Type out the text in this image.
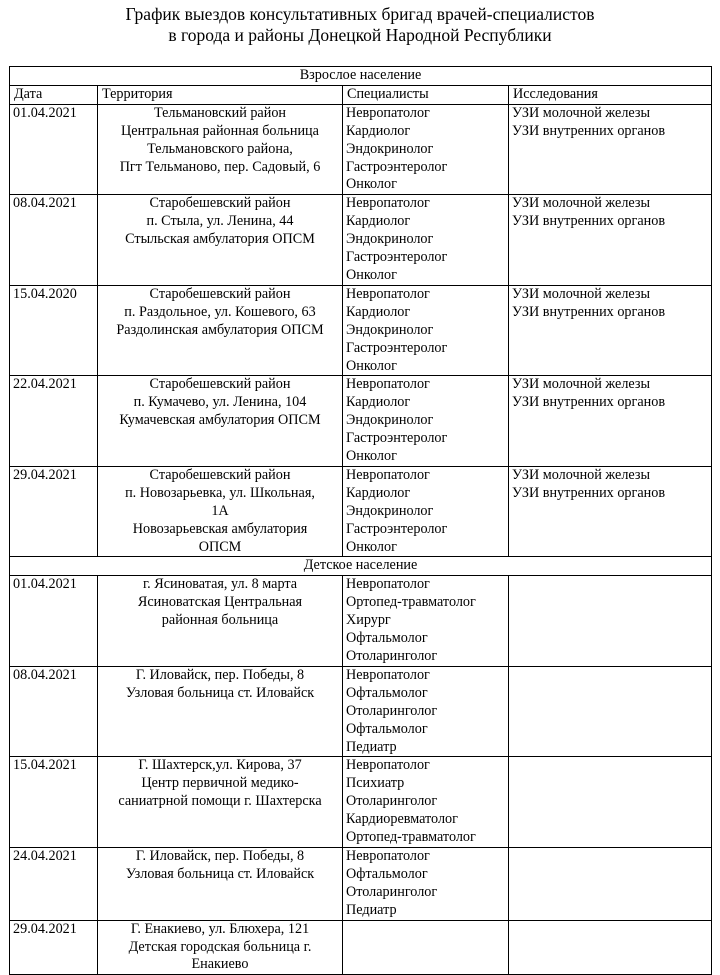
График выездов консультативных бригад врачей-специалистов
в города и районы Донецкой Народной Республики
Взрослое население			
Дата	Территория	Специалисты	Исследования
01.04.2021	Тельмановский район
Центральная районная больница
Тельмановского района,
Пгт Тельманово, пер. Садовый, 6	Невропатолог
Кардиолог
Эндокринолог
Гастроэнтеролог
Онколог	УЗИ молочной железы
УЗИ внутренних органов

08.04.2021	Старобешевский район
п. Стыла, ул. Ленина, 44
Стыльская амбулатория ОПСМ	Невропатолог
Кардиолог
Эндокринолог
Гастроэнтеролог
Онколог	УЗИ молочной железы
УЗИ внутренних органов

15.04.2020	Старобешевский район
п. Раздольное, ул. Кошевого, 63
Раздолинская амбулатория ОПСМ	Невропатолог
Кардиолог
Эндокринолог
Гастроэнтеролог
Онколог	УЗИ молочной железы
УЗИ внутренних органов

22.04.2021	Старобешевский район
п. Кумачево, ул. Ленина, 104
Кумачевская амбулатория ОПСМ	Невропатолог
Кардиолог
Эндокринолог
Гастроэнтеролог
Онколог	УЗИ молочной железы
УЗИ внутренних органов

29.04.2021	Старобешевский район
п. Новозарьевка, ул. Школьная,
1А
Новозарьевская амбулатория
ОПСМ	Невропатолог
Кардиолог
Эндокринолог
Гастроэнтеролог
Онколог	УЗИ молочной железы
УЗИ внутренних органов

Детское население			
01.04.2021	г. Ясиноватая, ул. 8 марта
Ясиноватская Центральная
районная больница	Невропатолог
Ортопед-травматолог
Хирург
Офтальмолог
Отоларинголог	

08.04.2021	Г. Иловайск, пер. Победы, 8
Узловая больница ст. Иловайск	Невропатолог
Офтальмолог
Отоларинголог
Офтальмолог
Педиатр	

15.04.2021	Г. Шахтерск,ул. Кирова, 37
Центр первичной медико-
саниатрной помощи г. Шахтерска	Невропатолог
Психиатр
Отоларинголог
Кардиоревматолог
Ортопед-травматолог	

24.04.2021	Г. Иловайск, пер. Победы, 8
Узловая больница ст. Иловайск	Невропатолог
Офтальмолог
Отоларинголог
Педиатр	

29.04.2021	Г. Енакиево, ул. Блюхера, 121
Детская городская больница г.
Енакиево		
